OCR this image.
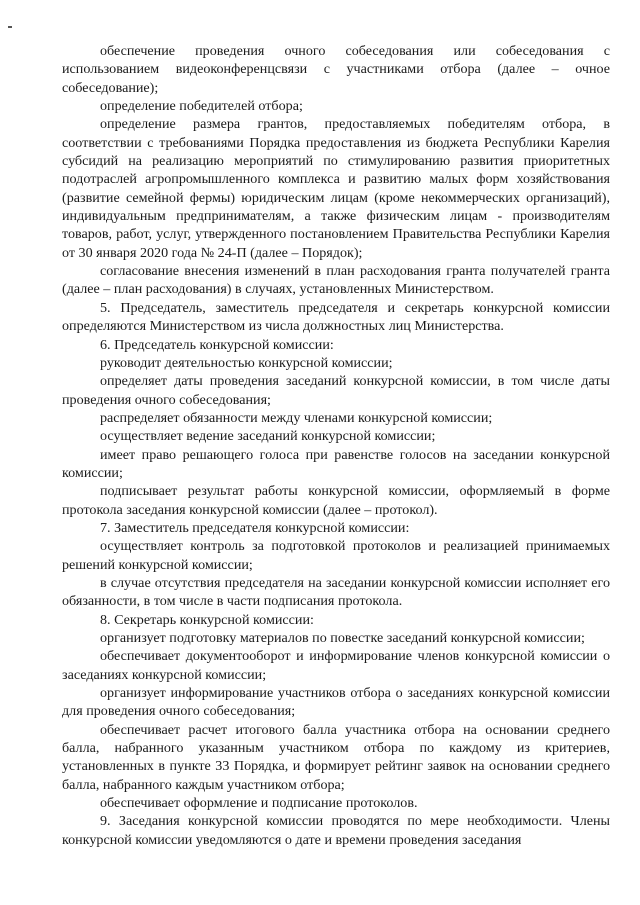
обеспечение проведения очного собеседования или собеседования с использованием видеоконференцсвязи с участниками отбора (далее – очное собеседование);

определение победителей отбора;

определение размера грантов, предоставляемых победителям отбора, в соответствии с требованиями Порядка предоставления из бюджета Республики Карелия субсидий на реализацию мероприятий по стимулированию развития приоритетных подотраслей агропромышленного комплекса и развитию малых форм хозяйствования (развитие семейной фермы) юридическим лицам (кроме некоммерческих организаций), индивидуальным предпринимателям, а также физическим лицам - производителям товаров, работ, услуг, утвержденного постановлением Правительства Республики Карелия от 30 января 2020 года № 24-П (далее – Порядок);

согласование внесения изменений в план расходования гранта получателей гранта (далее – план расходования) в случаях, установленных Министерством.

5. Председатель, заместитель председателя и секретарь конкурсной комиссии определяются Министерством из числа должностных лиц Министерства.

6. Председатель конкурсной комиссии:

руководит деятельностью конкурсной комиссии;

определяет даты проведения заседаний конкурсной комиссии, в том числе даты проведения очного собеседования;

распределяет обязанности между членами конкурсной комиссии;

осуществляет ведение заседаний конкурсной комиссии;

имеет право решающего голоса при равенстве голосов на заседании конкурсной комиссии;

подписывает результат работы конкурсной комиссии, оформляемый в форме протокола заседания конкурсной комиссии (далее – протокол).

7. Заместитель председателя конкурсной комиссии:

осуществляет контроль за подготовкой протоколов и реализацией принимаемых решений конкурсной комиссии;

в случае отсутствия председателя на заседании конкурсной комиссии исполняет его обязанности, в том числе в части подписания протокола.

8. Секретарь конкурсной комиссии:

организует подготовку материалов по повестке заседаний конкурсной комиссии;

обеспечивает документооборот и информирование членов конкурсной комиссии о заседаниях конкурсной комиссии;

организует информирование участников отбора о заседаниях конкурсной комиссии для проведения очного собеседования;

обеспечивает расчет итогового балла участника отбора на основании среднего балла, набранного указанным участником отбора по каждому из критериев, установленных в пункте 33 Порядка, и формирует рейтинг заявок на основании среднего балла, набранного каждым участником отбора;

обеспечивает оформление и подписание протоколов.

9. Заседания конкурсной комиссии проводятся по мере необходимости. Члены конкурсной комиссии уведомляются о дате и времени проведения заседания
